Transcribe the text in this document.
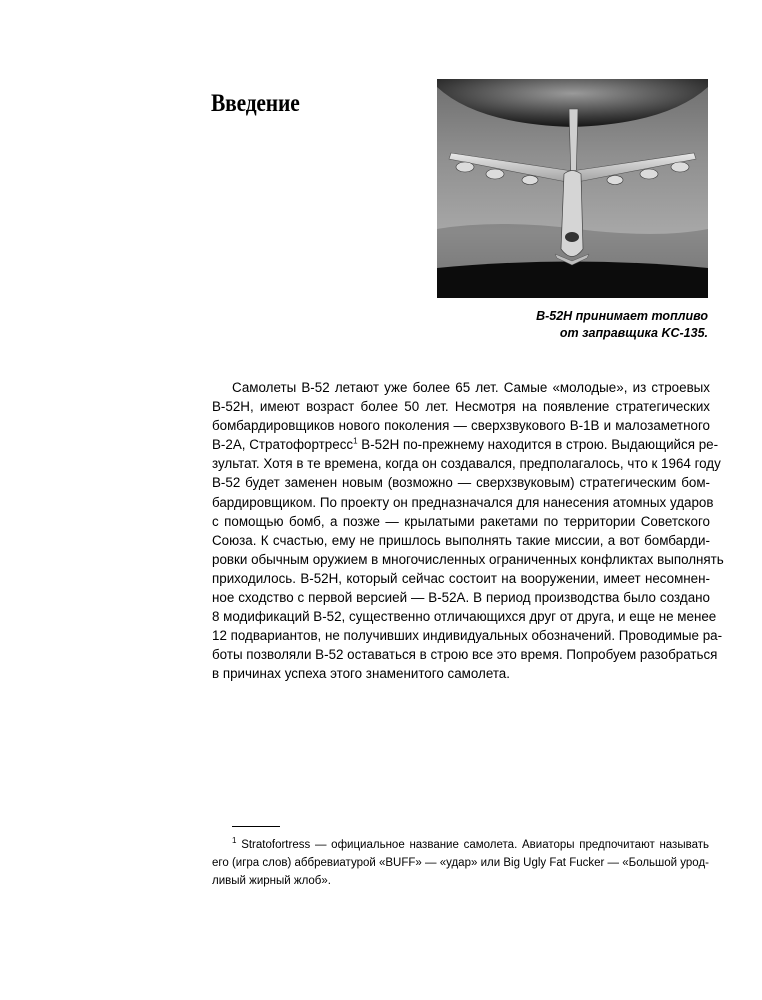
Введение
B-52H принимает топливо
от заправщика KC-135.
Самолеты B-52 летают уже более 65 лет. Самые «молодые», из строевых
B-52H, имеют возраст более 50 лет. Несмотря на появление стратегических
бомбардировщиков нового поколения — сверхзвукового B-1B и малозаметного
B-2A, Стратофортресс$^1$ B-52H по-прежнему находится в строю. Выдающийся ре-
зультат. Хотя в те времена, когда он создавался, предполагалось, что к 1964 году
B-52 будет заменен новым (возможно — сверхзвуковым) стратегическим бом-
бардировщиком. По проекту он предназначался для нанесения атомных ударов
с помощью бомб, а позже — крылатыми ракетами по территории Советского
Союза. К счастью, ему не пришлось выполнять такие миссии, а вот бомбарди-
ровки обычным оружием в многочисленных ограниченных конфликтах выполнять
приходилось. B-52H, который сейчас состоит на вооружении, имеет несомнен-
ное сходство с первой версией — B-52A. В период производства было создано
8 модификаций B-52, существенно отличающихся друг от друга, и еще не менее
12 подвариантов, не получивших индивидуальных обозначений. Проводимые ра-
боты позволяли B-52 оставаться в строю все это время. Попробуем разобраться
в причинах успеха этого знаменитого самолета.
$^1$ Stratofortress — официальное название самолета. Авиаторы предпочитают называть
его (игра слов) аббревиатурой «BUFF» — «удар» или Big Ugly Fat Fucker — «Большой урод-
ливый жирный жлоб».
